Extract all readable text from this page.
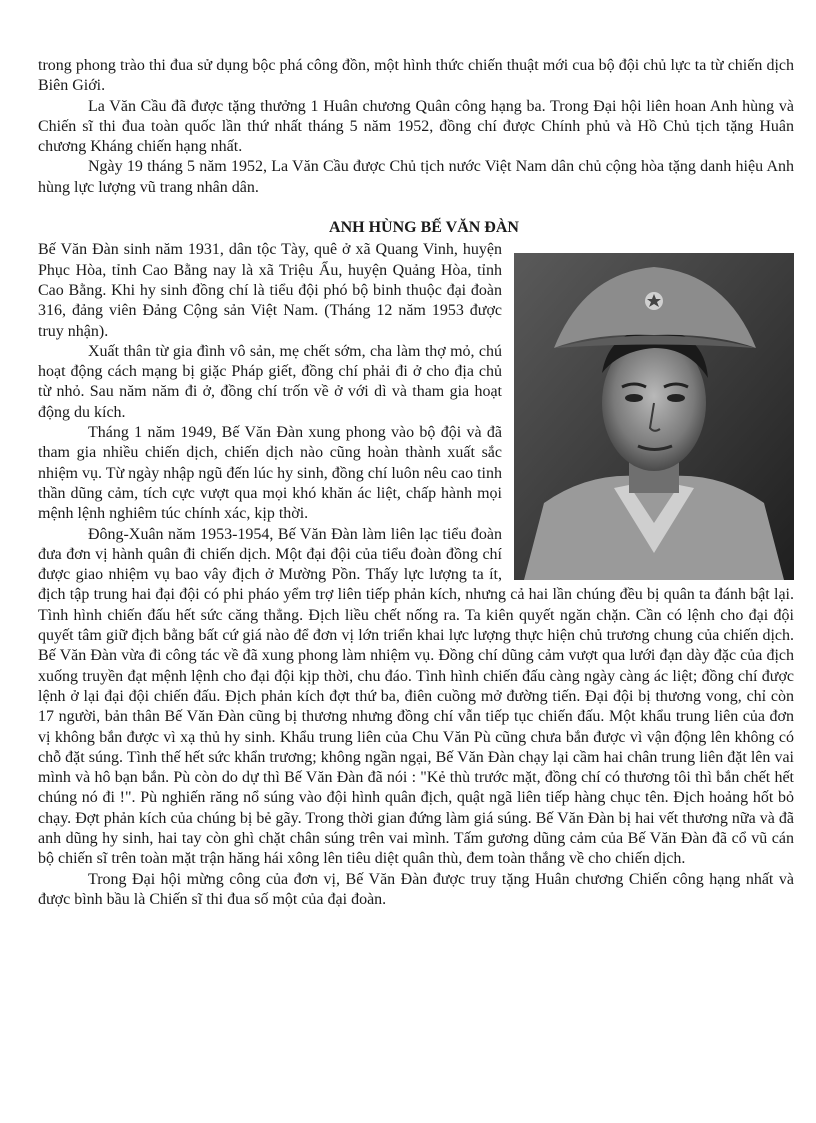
trong phong trào thi đua sử dụng bộc phá công đồn, một hình thức chiến thuật mới cua bộ đội chủ lực ta từ chiến dịch Biên Giới.

La Văn Cầu đã được tặng thưởng 1 Huân chương Quân công hạng ba. Trong Đại hội liên hoan Anh hùng và Chiến sĩ thi đua toàn quốc lần thứ nhất tháng 5 năm 1952, đồng chí được Chính phủ và Hồ Chủ tịch tặng Huân chương Kháng chiến hạng nhất.

Ngày 19 tháng 5 năm 1952, La Văn Cầu được Chủ tịch nước Việt Nam dân chủ cộng hòa tặng danh hiệu Anh hùng lực lượng vũ trang nhân dân.

ANH HÙNG BẾ VĂN ĐÀN

Bế Văn Đàn sinh năm 1931, dân tộc Tày, quê ở xã Quang Vinh, huyện Phục Hòa, tỉnh Cao Bằng nay là xã Triệu Ẩu, huyện Quảng Hòa, tỉnh Cao Bằng. Khi hy sinh đồng chí là tiểu đội phó bộ binh thuộc đại đoàn 316, đảng viên Đảng Cộng sản Việt Nam. (Tháng 12 năm 1953 được truy nhận).

Xuất thân từ gia đình vô sản, mẹ chết sớm, cha làm thợ mỏ, chú hoạt động cách mạng bị giặc Pháp giết, đồng chí phải đi ở cho địa chủ từ nhỏ. Sau năm năm đi ở, đồng chí trốn về ở với dì và tham gia hoạt động du kích.

Tháng 1 năm 1949, Bế Văn Đàn xung phong vào bộ đội và đã tham gia nhiều chiến dịch, chiến dịch nào cũng hoàn thành xuất sắc nhiệm vụ. Từ ngày nhập ngũ đến lúc hy sinh, đồng chí luôn nêu cao tinh thần dũng cảm, tích cực vượt qua mọi khó khăn ác liệt, chấp hành mọi mệnh lệnh nghiêm túc chính xác, kịp thời.

Đông-Xuân năm 1953-1954, Bế Văn Đàn làm liên lạc tiểu đoàn đưa đơn vị hành quân đi chiến dịch. Một đại đội của tiểu đoàn đồng chí được giao nhiệm vụ bao vây địch ở Mường Pồn. Thấy lực lượng ta ít, địch tập trung hai đại đội có phi pháo yểm trợ liên tiếp phản kích, nhưng cả hai lần chúng đều bị quân ta đánh bật lại. Tình hình chiến đấu hết sức căng thẳng. Địch liều chết nống ra. Ta kiên quyết ngăn chặn. Cần có lệnh cho đại đội quyết tâm giữ địch bằng bất cứ giá nào để đơn vị lớn triển khai lực lượng thực hiện chủ trương chung của chiến dịch. Bế Văn Đàn vừa đi công tác về đã xung phong làm nhiệm vụ. Đồng chí dũng cảm vượt qua lưới đạn dày đặc của địch xuống truyền đạt mệnh lệnh cho đại đội kịp thời, chu đáo. Tình hình chiến đấu càng ngày càng ác liệt; đồng chí được lệnh ở lại đại đội chiến đấu. Địch phản kích đợt thứ ba, điên cuồng mở đường tiến. Đại đội bị thương vong, chỉ còn 17 người, bản thân Bế Văn Đàn cũng bị thương nhưng đồng chí vẫn tiếp tục chiến đấu. Một khẩu trung liên của đơn vị không bắn được vì xạ thủ hy sinh. Khẩu trung liên của Chu Văn Pù cũng chưa bắn được vì vận động lên không có chỗ đặt súng. Tình thế hết sức khẩn trương; không ngần ngại, Bế Văn Đàn chạy lại cầm hai chân trung liên đặt lên vai mình và hô bạn bắn. Pù còn do dự thì Bế Văn Đàn đã nói : "Kẻ thù trước mặt, đồng chí có thương tôi thì bắn chết hết chúng nó đi !". Pù nghiến răng nổ súng vào đội hình quân địch, quật ngã liên tiếp hàng chục tên. Địch hoảng hốt bỏ chạy. Đợt phản kích của chúng bị bẻ gãy. Trong thời gian đứng làm giá súng. Bế Văn Đàn bị hai vết thương nữa và đã anh dũng hy sinh, hai tay còn ghì chặt chân súng trên vai mình. Tấm gương dũng cảm của Bế Văn Đàn đã cổ vũ cán bộ chiến sĩ trên toàn mặt trận hăng hái xông lên tiêu diệt quân thù, đem toàn thắng về cho chiến dịch.

Trong Đại hội mừng công của đơn vị, Bế Văn Đàn được truy tặng Huân chương Chiến công hạng nhất và được bình bầu là Chiến sĩ thi đua số một của đại đoàn.
